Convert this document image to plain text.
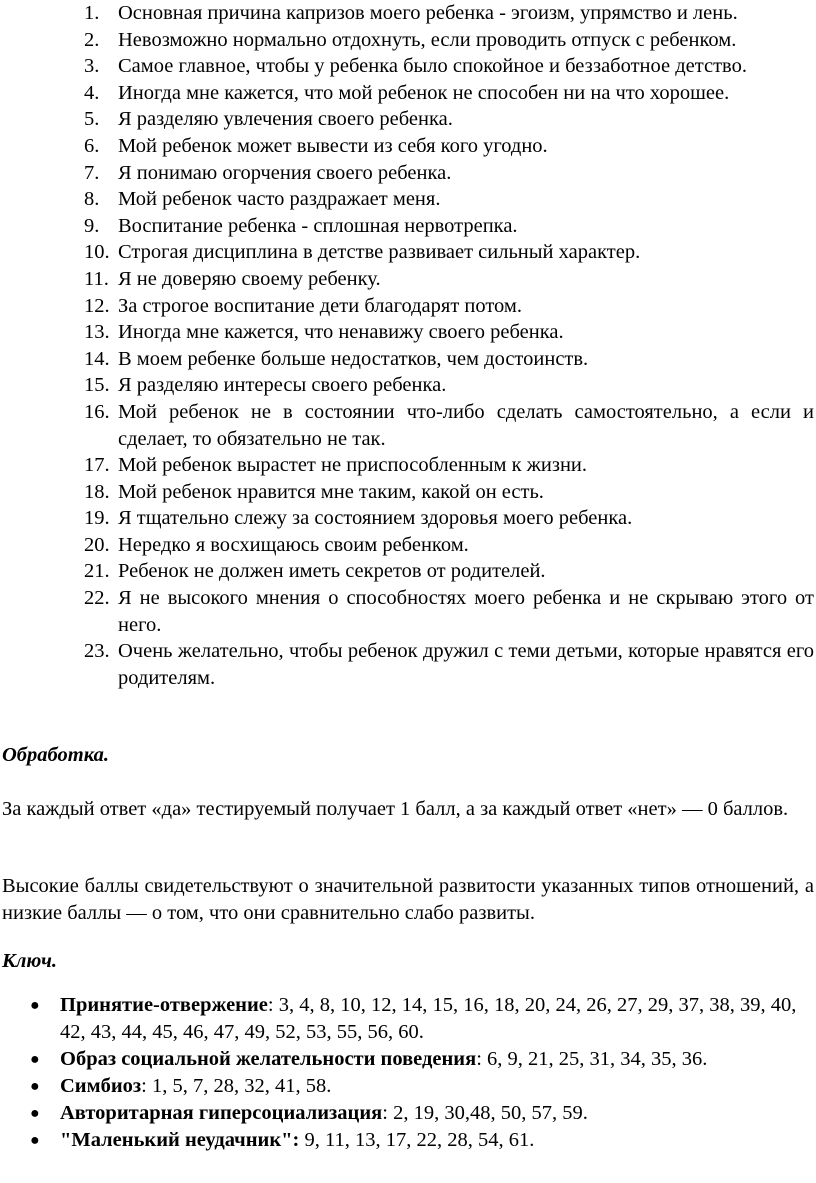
1. Основная причина капризов моего ребенка - эгоизм, упрямство и лень.
2. Невозможно нормально отдохнуть, если проводить отпуск с ребенком.
3. Самое главное, чтобы у ребенка было спокойное и беззаботное детство.
4. Иногда мне кажется, что мой ребенок не способен ни на что хорошее.
5. Я разделяю увлечения своего ребенка.
6. Мой ребенок может вывести из себя кого угодно.
7. Я понимаю огорчения своего ребенка.
8. Мой ребенок часто раздражает меня.
9. Воспитание ребенка - сплошная нервотрепка.
10. Строгая дисциплина в детстве развивает сильный характер.
11. Я не доверяю своему ребенку.
12. За строгое воспитание дети благодарят потом.
13. Иногда мне кажется, что ненавижу своего ребенка.
14. В моем ребенке больше недостатков, чем достоинств.
15. Я разделяю интересы своего ребенка.
16. Мой ребенок не в состоянии что-либо сделать самостоятельно, а если и сделает, то обязательно не так.
17. Мой ребенок вырастет не приспособленным к жизни.
18. Мой ребенок нравится мне таким, какой он есть.
19. Я тщательно слежу за состоянием здоровья моего ребенка.
20. Нередко я восхищаюсь своим ребенком.
21. Ребенок не должен иметь секретов от родителей.
22. Я не высокого мнения о способностях моего ребенка и не скрываю этого от него.
23. Очень желательно, чтобы ребенок дружил с теми детьми, которые нравятся его родителям.
Обработка.
За каждый ответ «да» тестируемый получает 1 балл, а за каждый ответ «нет» — 0 баллов.
Высокие баллы свидетельствуют о значительной развитости указанных типов отношений, а низкие баллы — о том, что они сравнительно слабо развиты.
Ключ.
● Принятие-отвержение: 3, 4, 8, 10, 12, 14, 15, 16, 18, 20, 24, 26, 27, 29, 37, 38, 39, 40, 42, 43, 44, 45, 46, 47, 49, 52, 53, 55, 56, 60.
● Образ социальной желательности поведения: 6, 9, 21, 25, 31, 34, 35, 36.
● Симбиоз: 1, 5, 7, 28, 32, 41, 58.
● Авторитарная гиперсоциализация: 2, 19, 30,48, 50, 57, 59.
● "Маленький неудачник": 9, 11, 13, 17, 22, 28, 54, 61.
